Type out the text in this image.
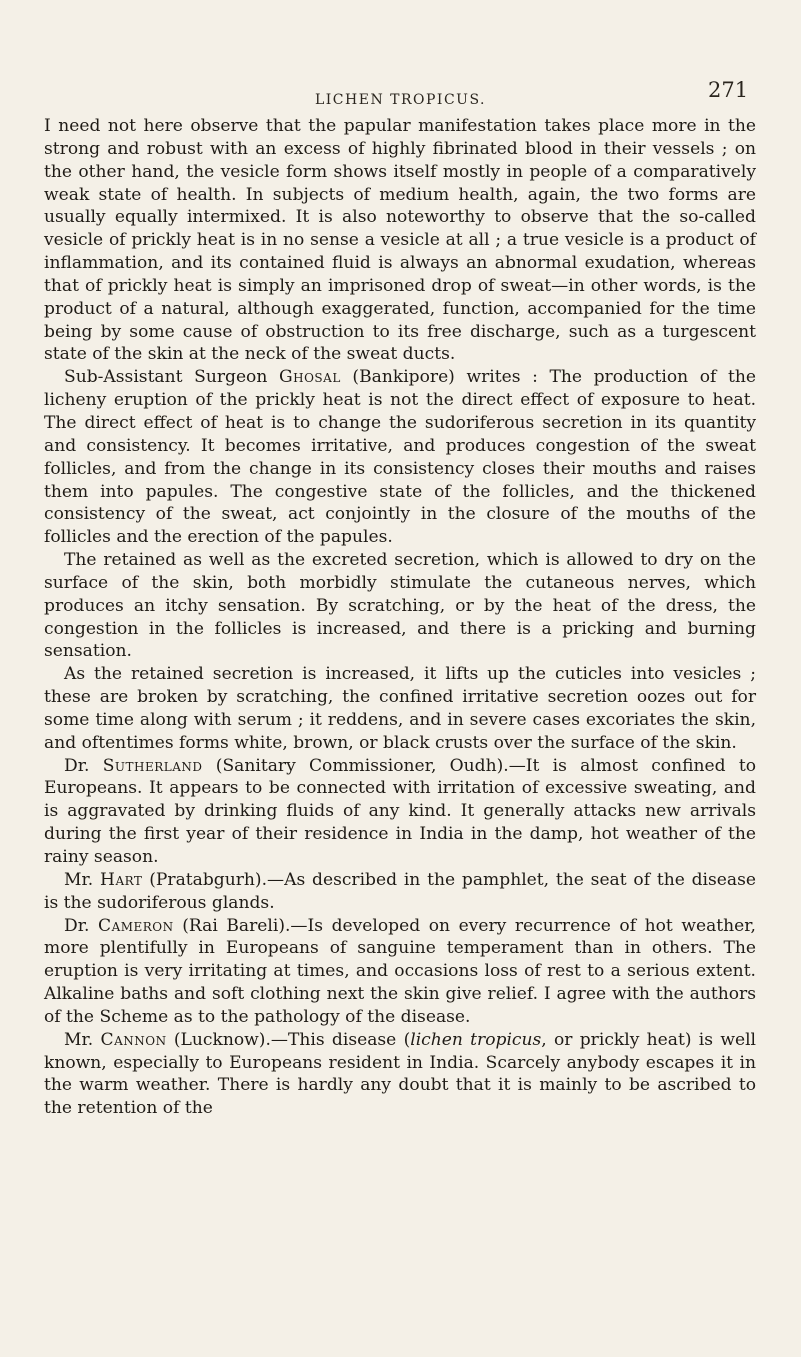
LICHEN TROPICUS.	271

I need not here observe that the papular manifestation takes place more in the strong and robust with an excess of highly fibrinated blood in their vessels ; on the other hand, the vesicle form shows itself mostly in people of a comparatively weak state of health. In subjects of medium health, again, the two forms are usually equally intermixed. It is also noteworthy to observe that the so-called vesicle of prickly heat is in no sense a vesicle at all ; a true vesicle is a product of inflammation, and its contained fluid is always an abnormal exudation, whereas that of prickly heat is simply an imprisoned drop of sweat—in other words, is the product of a natural, although exaggerated, function, accompanied for the time being by some cause of obstruction to its free discharge, such as a turgescent state of the skin at the neck of the sweat ducts.

Sub-Assistant Surgeon Ghosal (Bankipore) writes : The production of the licheny eruption of the prickly heat is not the direct effect of exposure to heat. The direct effect of heat is to change the sudoriferous secretion in its quantity and consistency. It becomes irritative, and produces congestion of the sweat follicles, and from the change in its consistency closes their mouths and raises them into papules. The congestive state of the follicles, and the thickened consistency of the sweat, act conjointly in the closure of the mouths of the follicles and the erection of the papules.

The retained as well as the excreted secretion, which is allowed to dry on the surface of the skin, both morbidly stimulate the cutaneous nerves, which produces an itchy sensation. By scratching, or by the heat of the dress, the congestion in the follicles is increased, and there is a pricking and burning sensation.

As the retained secretion is increased, it lifts up the cuticles into vesicles ; these are broken by scratching, the confined irritative secretion oozes out for some time along with serum ; it reddens, and in severe cases excoriates the skin, and oftentimes forms white, brown, or black crusts over the surface of the skin.

Dr. Sutherland (Sanitary Commissioner, Oudh).—It is almost confined to Europeans. It appears to be connected with irritation of excessive sweating, and is aggravated by drinking fluids of any kind. It generally attacks new arrivals during the first year of their residence in India in the damp, hot weather of the rainy season.

Mr. Hart (Pratabgurh).—As described in the pamphlet, the seat of the disease is the sudoriferous glands.

Dr. Cameron (Rai Bareli).—Is developed on every recurrence of hot weather, more plentifully in Europeans of sanguine temperament than in others. The eruption is very irritating at times, and occasions loss of rest to a serious extent. Alkaline baths and soft clothing next the skin give relief. I agree with the authors of the Scheme as to the pathology of the disease.

Mr. Cannon (Lucknow).—This disease (lichen tropicus, or prickly heat) is well known, especially to Europeans resident in India. Scarcely anybody escapes it in the warm weather. There is hardly any doubt that it is mainly to be ascribed to the retention of the
